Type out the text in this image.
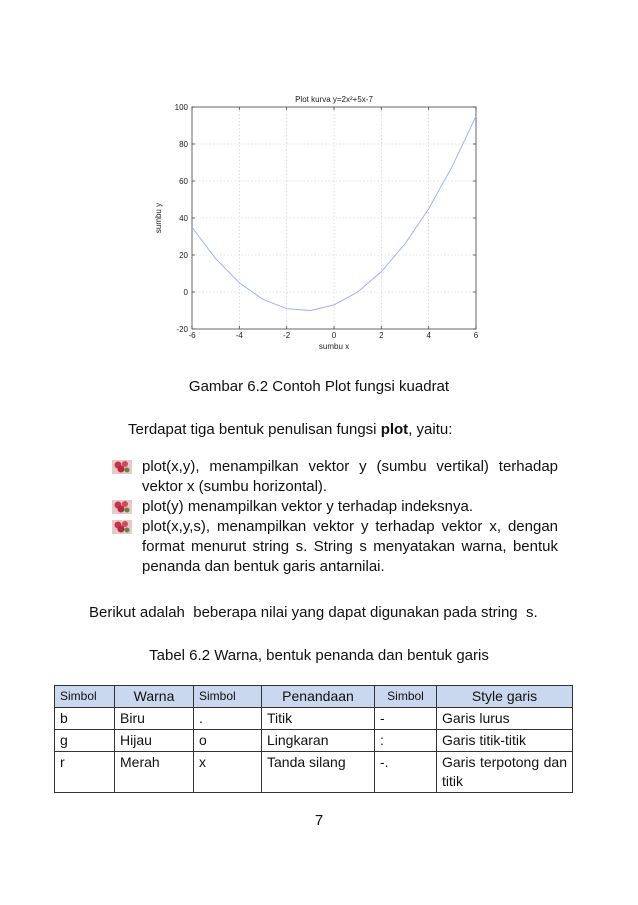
-6	-4	-2	0	2	4	6
-20
0
20
40
60
80
100
Plot kurva y=2x²+5x-7
sumbu x
sumbu y
Gambar 6.2 Contoh Plot fungsi kuadrat
Terdapat tiga bentuk penulisan fungsi plot, yaitu:
plot(x,y), menampilkan vektor y (sumbu vertikal) terhadap vektor x (sumbu horizontal).
plot(y) menampilkan vektor y terhadap indeksnya.
plot(x,y,s), menampilkan vektor y terhadap vektor x, dengan format menurut string s. String s menyatakan warna, bentuk penanda dan bentuk garis antarnilai.
Berikut adalah  beberapa nilai yang dapat digunakan pada string  s.
Tabel 6.2 Warna, bentuk penanda dan bentuk garis
Simbol	Warna	Simbol	Penandaan	Simbol	Style garis
b	Biru	.	Titik	-	Garis lurus
g	Hijau	o	Lingkaran	:	Garis titik-titik
r	Merah	x	Tanda silang	-.	Garis terpotong dan titik
7
